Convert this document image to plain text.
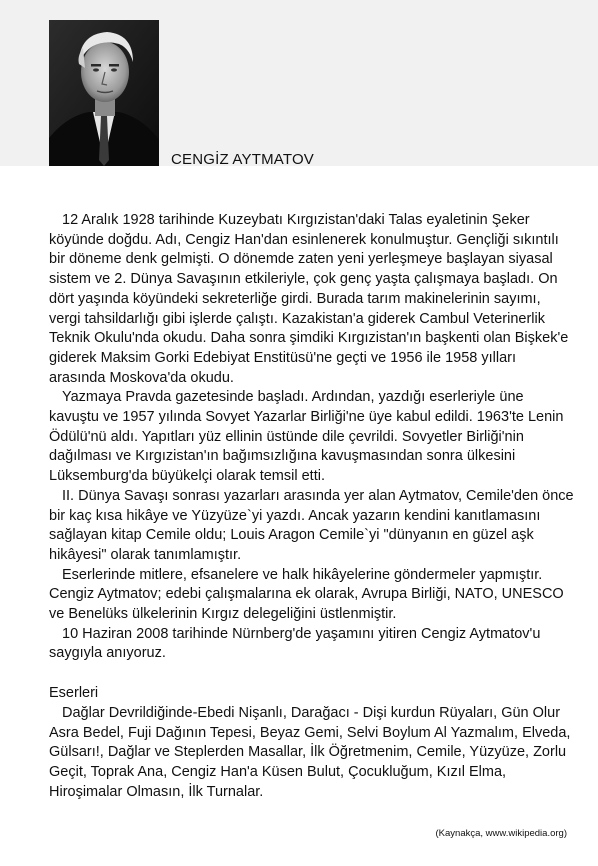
CENGİZ AYTMATOV

12 Aralık 1928 tarihinde Kuzeybatı Kırgızistan'daki Talas eyaletinin Şeker köyünde doğdu. Adı, Cengiz Han'dan esinlenerek konulmuştur. Gençliği sıkıntılı bir döneme denk gelmişti. O dönemde zaten yeni yerleşmeye başlayan siyasal sistem ve 2. Dünya Savaşının etkileriyle, çok genç yaşta çalışmaya başladı. On dört yaşında köyündeki sekreterliğe girdi. Burada tarım makinelerinin sayımı, vergi tahsildarlığı gibi işlerde çalıştı. Kazakistan'a giderek Cambul Veterinerlik Teknik Okulu'nda okudu. Daha sonra şimdiki Kırgızistan'ın başkenti olan Bişkek'e giderek Maksim Gorki Edebiyat Enstitüsü'ne geçti ve 1956 ile 1958 yılları arasında Moskova'da okudu.

Yazmaya Pravda gazetesinde başladı. Ardından, yazdığı eserleriyle üne kavuştu ve 1957 yılında Sovyet Yazarlar Birliği'ne üye kabul edildi. 1963'te Lenin Ödülü'nü aldı. Yapıtları yüz ellinin üstünde dile çevrildi. Sovyetler Birliği'nin dağılması ve Kırgızistan'ın bağımsızlığına kavuşmasından sonra ülkesini Lüksemburg'da büyükelçi olarak temsil etti.

II. Dünya Savaşı sonrası yazarları arasında yer alan Aytmatov, Cemile'den önce bir kaç kısa hikâye ve Yüzyüze`yi yazdı. Ancak yazarın kendini kanıtlamasını sağlayan kitap Cemile oldu; Louis Aragon Cemile`yi "dünyanın en güzel aşk hikâyesi" olarak tanımlamıştır.

Eserlerinde mitlere, efsanelere ve halk hikâyelerine göndermeler yapmıştır. Cengiz Aytmatov; edebi çalışmalarına ek olarak, Avrupa Birliği, NATO, UNESCO ve Benelüks ülkelerinin Kırgız delegeliğini üstlenmiştir.

10 Haziran 2008 tarihinde Nürnberg'de yaşamını yitiren Cengiz Aytmatov'u saygıyla anıyoruz.

Eserleri

Dağlar Devrildiğinde-Ebedi Nişanlı, Darağacı - Dişi kurdun Rüyaları, Gün Olur Asra Bedel, Fuji Dağının Tepesi, Beyaz Gemi, Selvi Boylum Al Yazmalım, Elveda, Gülsarı!, Dağlar ve Steplerden Masallar, İlk Öğretmenim, Cemile, Yüzyüze, Zorlu Geçit, Toprak Ana, Cengiz Han'a Küsen Bulut, Çocukluğum, Kızıl Elma, Hiroşimalar Olmasın, İlk Turnalar.

(Kaynakça, www.wikipedia.org)
